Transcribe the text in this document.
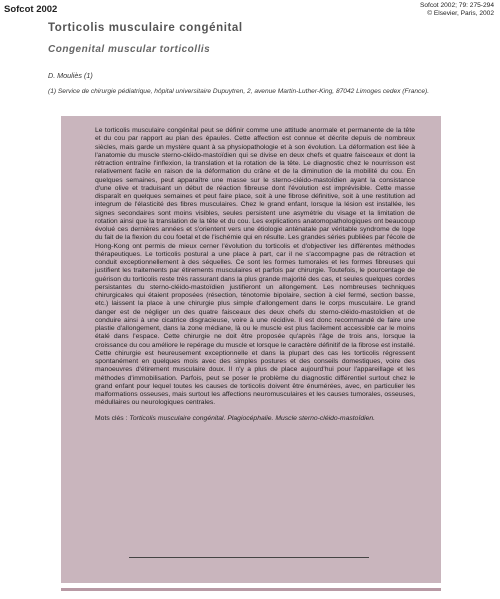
Sofcot 2002	Sofcot 2002; 79: 275-294
© Elsevier, Paris, 2002
Torticolis musculaire congénital
Congenital muscular torticollis
D. Mouliès (1)
(1) Service de chirurgie pédiatrique, hôpital universitaire Dupuytren, 2, avenue Martin-Luther-King, 87042 Limoges cedex (France).

Le torticolis musculaire congénital peut se définir comme une attitude anormale et permanente de la tête et du cou par rapport au plan des épaules. Cette affection est connue et décrite depuis de nombreux siècles, mais garde un mystère quant à sa physiopathologie et à son évolution. La déformation est liée à l'anatomie du muscle sterno-cléido-mastoïdien qui se divise en deux chefs et quatre faisceaux et dont la rétraction entraîne l'inflexion, la translation et la rotation de la tête. Le diagnostic chez le nourrisson est relativement facile en raison de la déformation du crâne et de la diminution de la mobilité du cou. En quelques semaines, peut apparaître une masse sur le sterno-cléido-mastoïdien ayant la consistance d'une olive et traduisant un début de réaction fibreuse dont l'évolution est imprévisible. Cette masse disparaît en quelques semaines et peut faire place, soit à une fibrose définitive, soit à une restitution ad integrum de l'élasticité des fibres musculaires. Chez le grand enfant, lorsque la lésion est installée, les signes secondaires sont moins visibles, seules persistent une asymétrie du visage et la limitation de rotation ainsi que la translation de la tête et du cou. Les explications anatomopathologiques ont beaucoup évolué ces dernières années et s'orientent vers une étiologie anténatale par véritable syndrome de loge du fait de la flexion du cou foetal et de l'ischémie qui en résulte. Les grandes séries publiées par l'école de Hong-Kong ont permis de mieux cerner l'évolution du torticolis et d'objectiver les différentes méthodes thérapeutiques. Le torticolis postural a une place à part, car il ne s'accompagne pas de rétraction et conduit exceptionnellement à des séquelles. Ce sont les formes tumorales et les formes fibreuses qui justifient les traitements par étirements musculaires et parfois par chirurgie. Toutefois, le pourcentage de guérison du torticolis reste très rassurant dans la plus grande majorité des cas, et seules quelques cordes persistantes du sterno-cléido-mastoïdien justifieront un allongement. Les nombreuses techniques chirurgicales qui étaient proposées (résection, ténotomie bipolaire, section à ciel fermé, section basse, etc.) laissent la place à une chirurgie plus simple d'allongement dans le corps musculaire. Le grand danger est de négliger un des quatre faisceaux des deux chefs du sterno-cléido-mastoïdien et de conduire ainsi à une cicatrice disgracieuse, voire à une récidive. Il est donc recommandé de faire une plastie d'allongement, dans la zone médiane, là ou le muscle est plus facilement accessible car le moins étalé dans l'espace. Cette chirurgie ne doit être proposée qu'après l'âge de trois ans, lorsque la croissance du cou améliore le repérage du muscle et lorsque le caractère définitif de la fibrose est installé. Cette chirurgie est heureusement exceptionnelle et dans la plupart des cas les torticolis régressent spontanément en quelques mois avec des simples postures et des conseils domestiques, voire des manoeuvres d'étirement musculaire doux. Il n'y a plus de place aujourd'hui pour l'appareillage et les méthodes d'immobilisation. Parfois, peut se poser le problème du diagnostic différentiel surtout chez le grand enfant pour lequel toutes les causes de torticolis doivent être énumérées, avec, en particulier les malformations osseuses, mais surtout les affections neuromusculaires et les causes tumorales, osseuses, médullaires ou neurologiques centrales.

Mots clés : Torticolis musculaire congénital. Plagiocéphalie. Muscle sterno-cléido-mastoïdien.
